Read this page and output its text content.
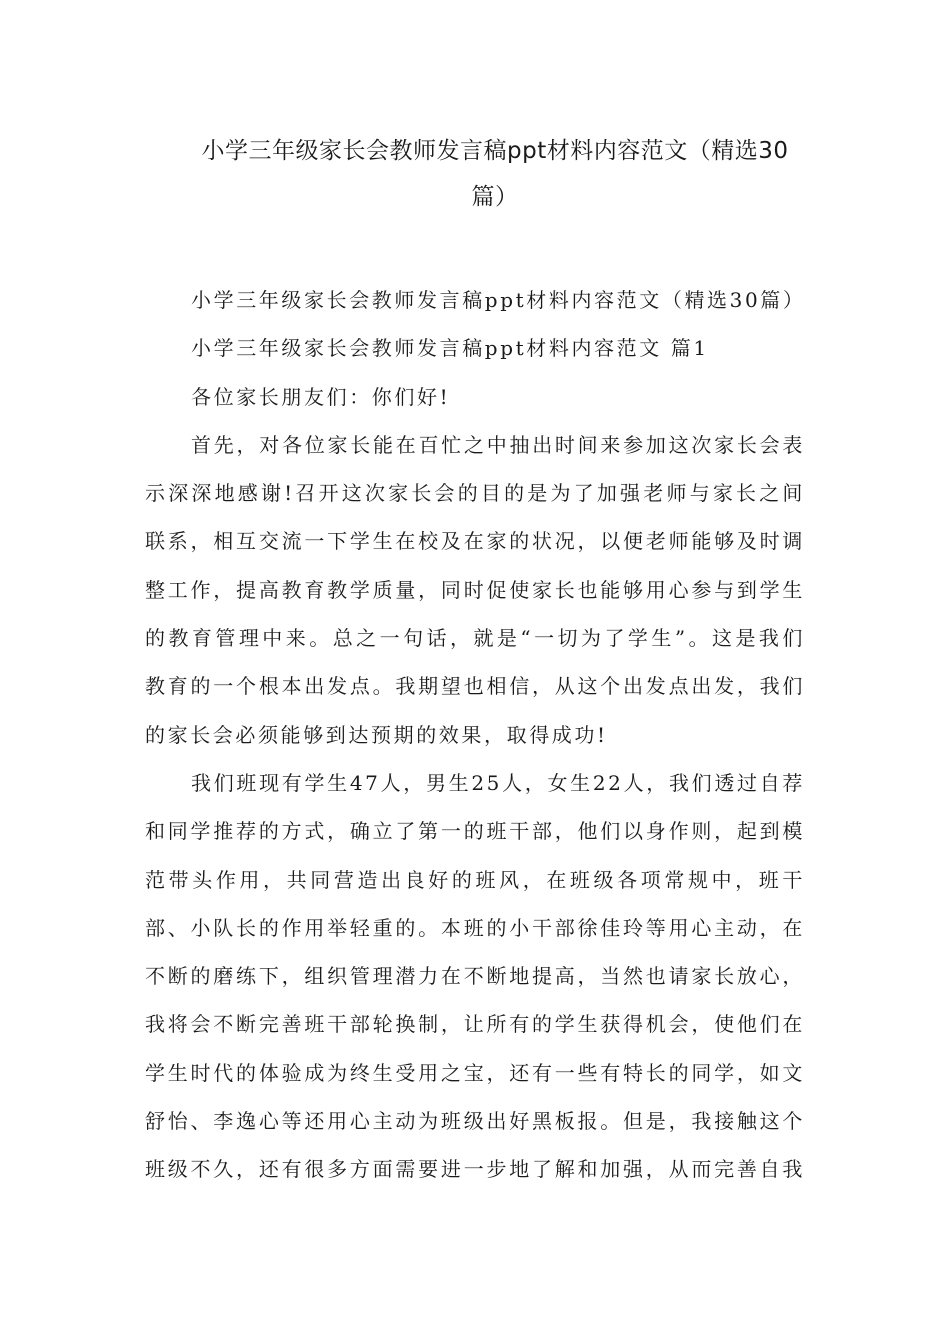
小学三年级家长会教师发言稿ppt材料内容范文（精选30
篇）
小学三年级家长会教师发言稿ppt材料内容范文（精选30篇）
小学三年级家长会教师发言稿ppt材料内容范文 篇1
各位家长朋友们：你们好!
首先，对各位家长能在百忙之中抽出时间来参加这次家长会表
示深深地感谢!召开这次家长会的目的是为了加强老师与家长之间
联系，相互交流一下学生在校及在家的状况，以便老师能够及时调
整工作，提高教育教学质量，同时促使家长也能够用心参与到学生
的教育管理中来。总之一句话，就是“一切为了学生”。这是我们
教育的一个根本出发点。我期望也相信，从这个出发点出发，我们
的家长会必须能够到达预期的效果，取得成功!
我们班现有学生47人，男生25人，女生22人，我们透过自荐
和同学推荐的方式，确立了第一的班干部，他们以身作则，起到模
范带头作用，共同营造出良好的班风，在班级各项常规中，班干
部、小队长的作用举轻重的。本班的小干部徐佳玲等用心主动，在
不断的磨练下，组织管理潜力在不断地提高，当然也请家长放心，
我将会不断完善班干部轮换制，让所有的学生获得机会，使他们在
学生时代的体验成为终生受用之宝，还有一些有特长的同学，如文
舒怡、李逸心等还用心主动为班级出好黑板报。但是，我接触这个
班级不久，还有很多方面需要进一步地了解和加强，从而完善自我
